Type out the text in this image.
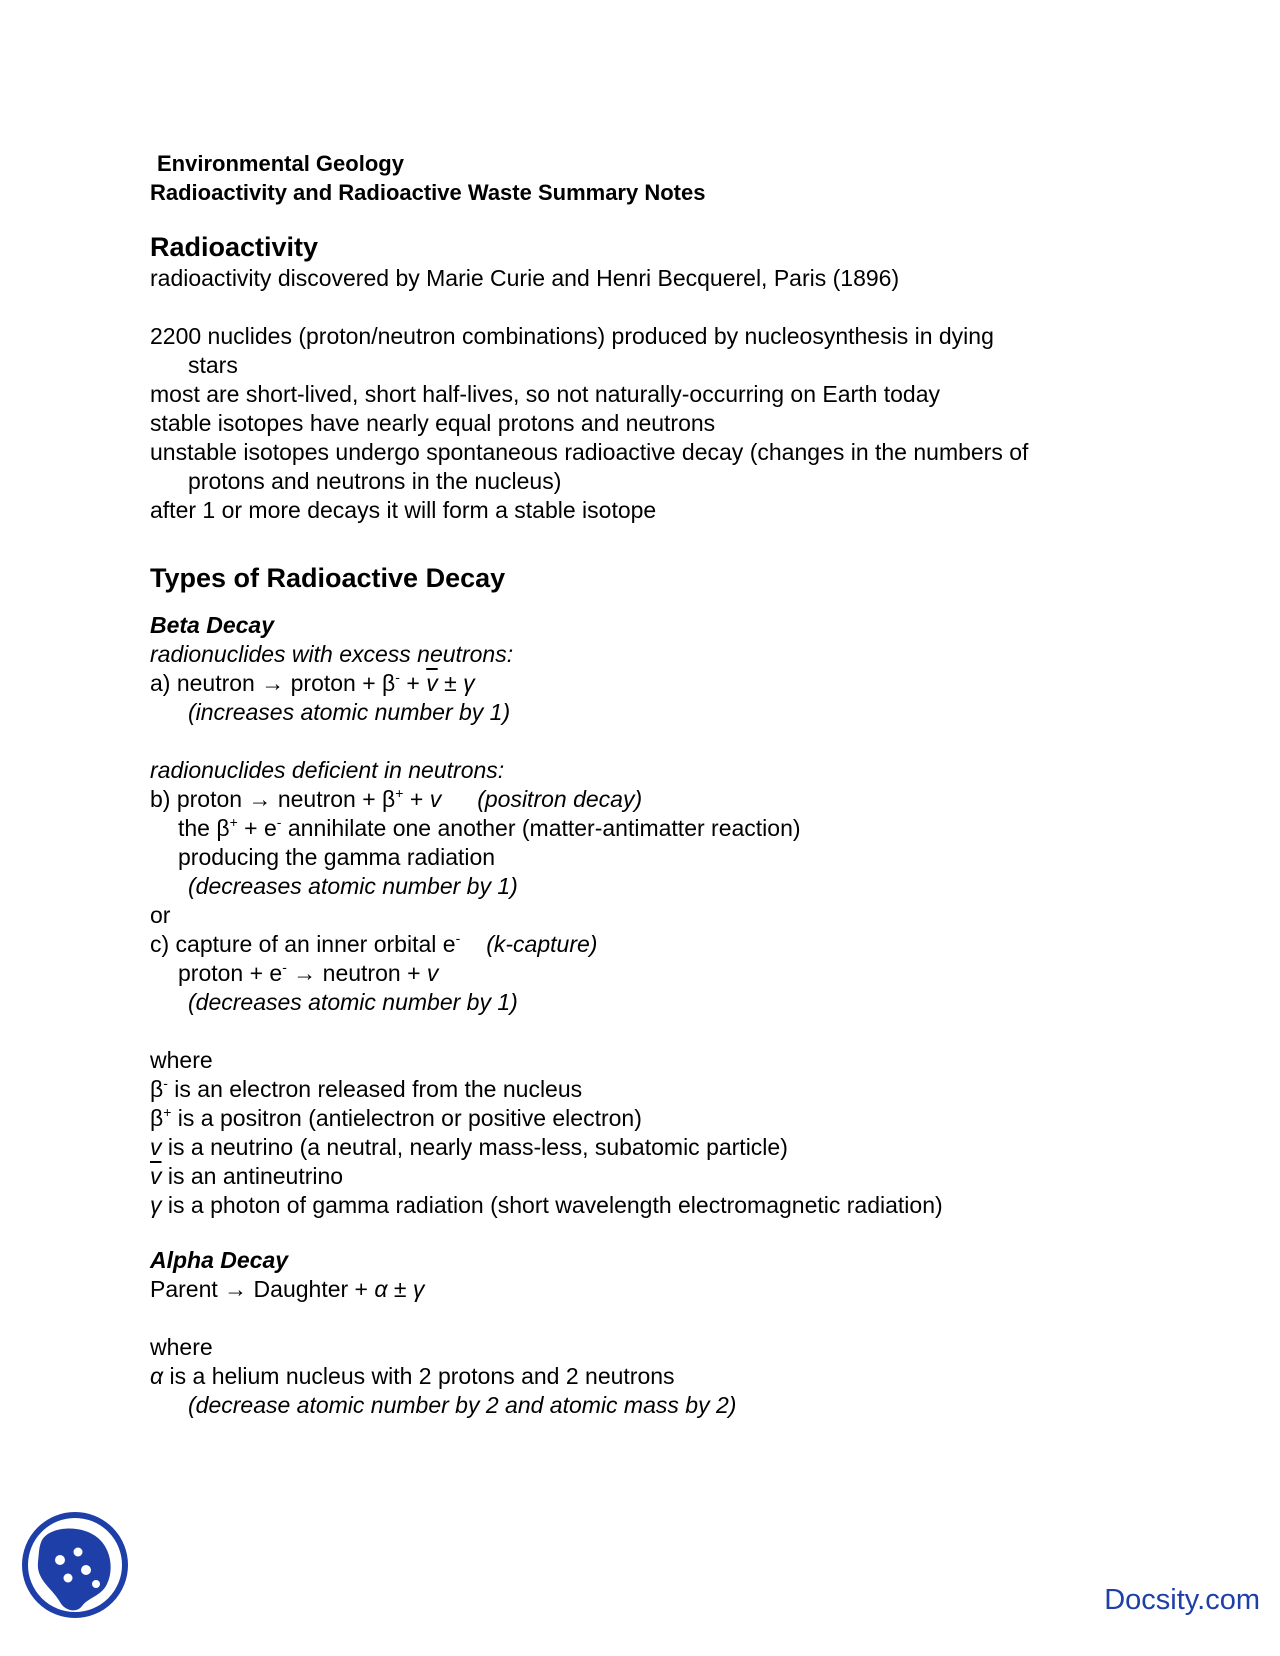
Environmental Geology
Radioactivity and Radioactive Waste Summary Notes
Radioactivity
radioactivity discovered by Marie Curie and Henri Becquerel, Paris (1896)
2200 nuclides (proton/neutron combinations) produced by nucleosynthesis in dying
stars
most are short-lived, short half-lives, so not naturally-occurring on Earth today
stable isotopes have nearly equal protons and neutrons
unstable isotopes undergo spontaneous radioactive decay (changes in the numbers of
protons and neutrons in the nucleus)
after 1 or more decays it will form a stable isotope
Types of Radioactive Decay
Beta Decay
radionuclides with excess neutrons:
a) neutron → proton + $\beta^- + \overline{v} \pm \gamma$
(increases atomic number by 1)
radionuclides deficient in neutrons:
b) proton → neutron + β+ + v (positron decay)
the β+ + e- annihilate one another (matter-antimatter reaction)
producing the gamma radiation
(decreases atomic number by 1)
or
c) capture of an inner orbital e- (k-capture)
proton + e- → neutron + v
(decreases atomic number by 1)
where
β- is an electron released from the nucleus
β+ is a positron (antielectron or positive electron)
v is a neutrino (a neutral, nearly mass-less, subatomic particle)
$\overline{v}$ is an antineutrino
γ is a photon of gamma radiation (short wavelength electromagnetic radiation)
Alpha Decay
Parent → Daughter + α ± γ
where
α is a helium nucleus with 2 protons and 2 neutrons
(decrease atomic number by 2 and atomic mass by 2)
Docsity.com
